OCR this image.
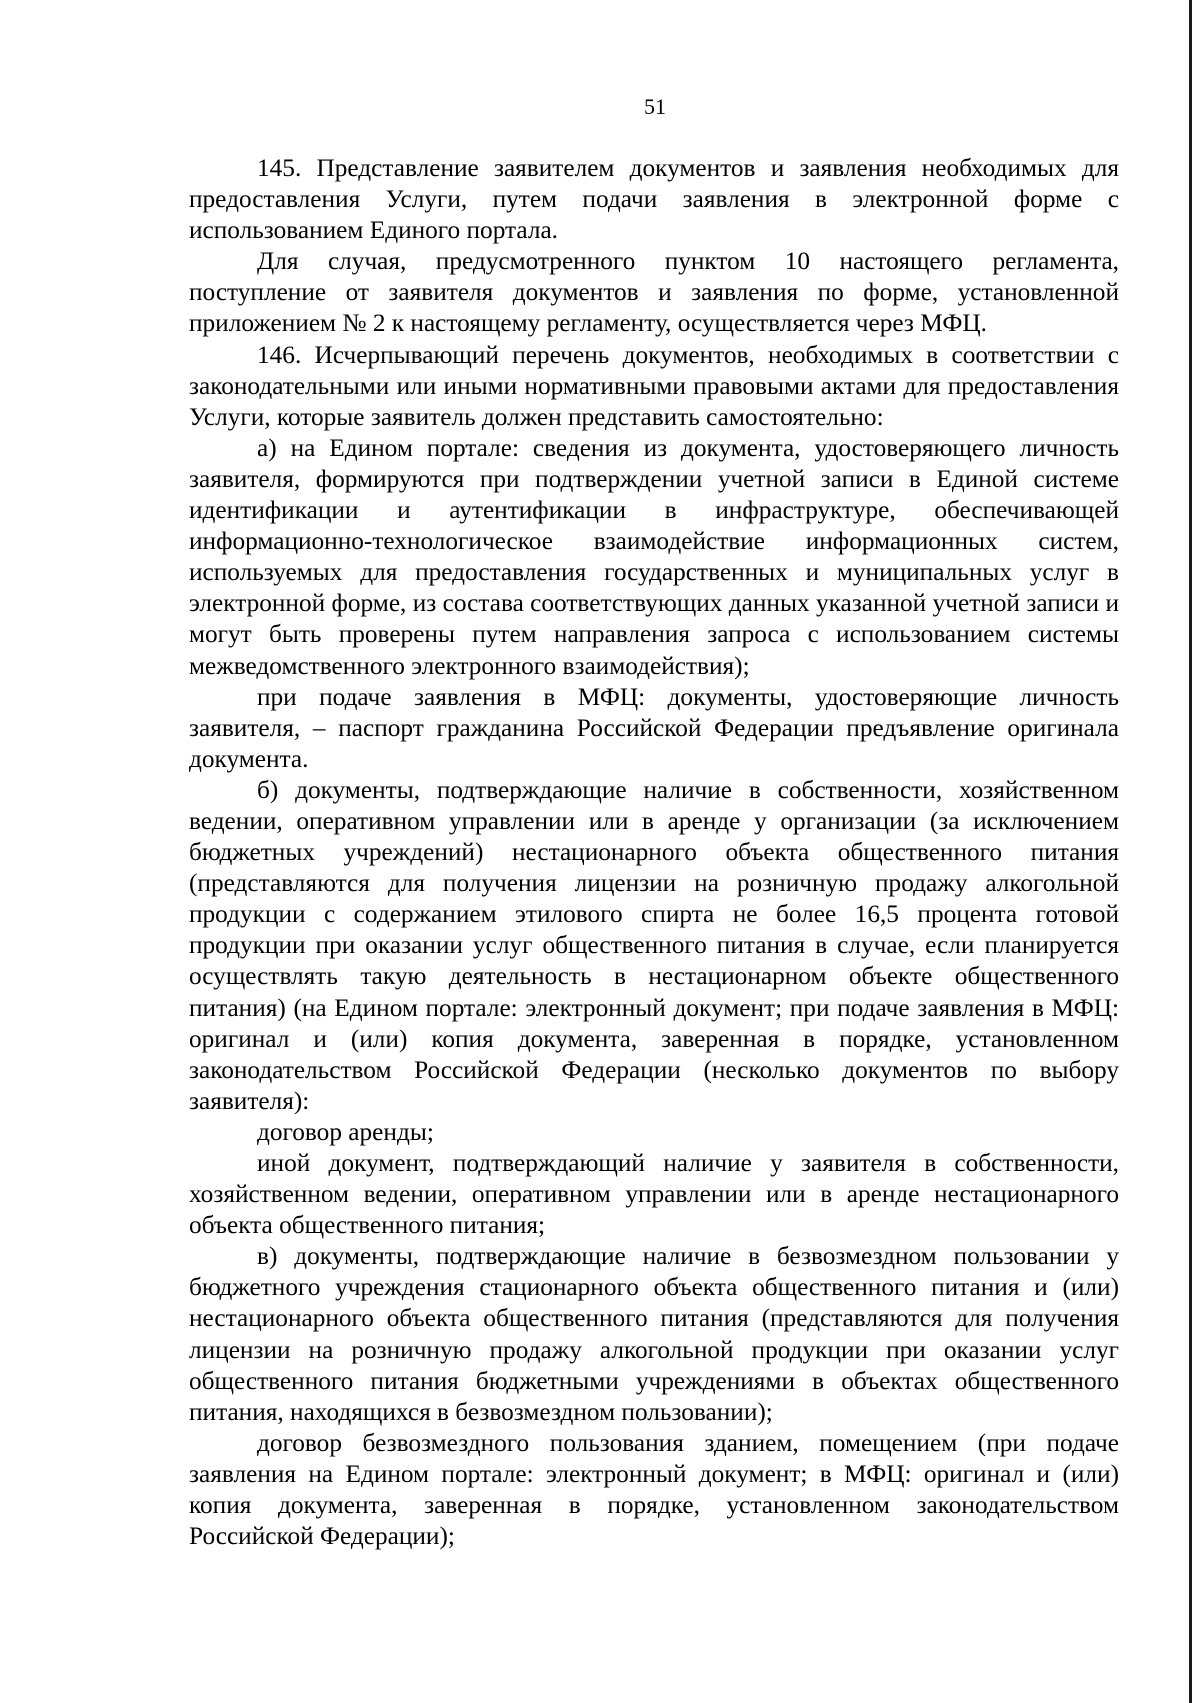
51

145. Представление заявителем документов и заявления необходимых для предоставления Услуги, путем подачи заявления в электронной форме с использованием Единого портала.

Для случая, предусмотренного пунктом 10 настоящего регламента, поступление от заявителя документов и заявления по форме, установленной приложением № 2 к настоящему регламенту, осуществляется через МФЦ.

146. Исчерпывающий перечень документов, необходимых в соответствии с законодательными или иными нормативными правовыми актами для предоставления Услуги, которые заявитель должен представить самостоятельно:

а) на Едином портале: сведения из документа, удостоверяющего личность заявителя, формируются при подтверждении учетной записи в Единой системе идентификации и аутентификации в инфраструктуре, обеспечивающей информационно-технологическое взаимодействие информационных систем, используемых для предоставления государственных и муниципальных услуг в электронной форме, из состава соответствующих данных указанной учетной записи и могут быть проверены путем направления запроса с использованием системы межведомственного электронного взаимодействия);

при подаче заявления в МФЦ: документы, удостоверяющие личность заявителя, – паспорт гражданина Российской Федерации предъявление оригинала документа.

б) документы, подтверждающие наличие в собственности, хозяйственном ведении, оперативном управлении или в аренде у организации (за исключением бюджетных учреждений) нестационарного объекта общественного питания (представляются для получения лицензии на розничную продажу алкогольной продукции с содержанием этилового спирта не более 16,5 процента готовой продукции при оказании услуг общественного питания в случае, если планируется осуществлять такую деятельность в нестационарном объекте общественного питания) (на Едином портале: электронный документ; при подаче заявления в МФЦ: оригинал и (или) копия документа, заверенная в порядке, установленном законодательством Российской Федерации (несколько документов по выбору заявителя):

договор аренды;

иной документ, подтверждающий наличие у заявителя в собственности, хозяйственном ведении, оперативном управлении или в аренде нестационарного объекта общественного питания;

в) документы, подтверждающие наличие в безвозмездном пользовании у бюджетного учреждения стационарного объекта общественного питания и (или) нестационарного объекта общественного питания (представляются для получения лицензии на розничную продажу алкогольной продукции при оказании услуг общественного питания бюджетными учреждениями в объектах общественного питания, находящихся в безвозмездном пользовании);

договор безвозмездного пользования зданием, помещением (при подаче заявления на Едином портале: электронный документ; в МФЦ: оригинал и (или) копия документа, заверенная в порядке, установленном законодательством Российской Федерации);
